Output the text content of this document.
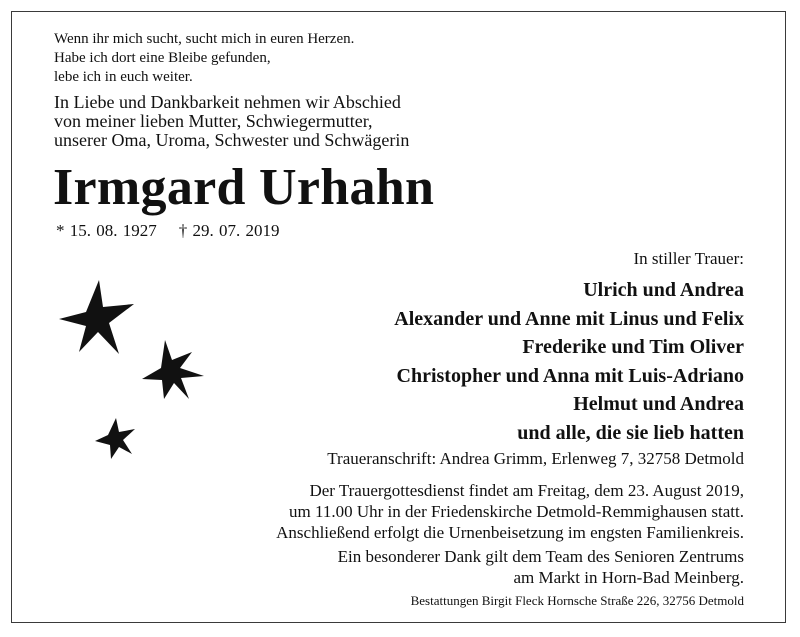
Wenn ihr mich sucht, sucht mich in euren Herzen.
Habe ich dort eine Bleibe gefunden,
lebe ich in euch weiter.
In Liebe und Dankbarkeit nehmen wir Abschied
von meiner lieben Mutter, Schwiegermutter,
unserer Oma, Uroma, Schwester und Schwägerin
Irmgard Urhahn
* 15. 08. 1927 † 29. 07. 2019
In stiller Trauer:
Ulrich und Andrea
Alexander und Anne mit Linus und Felix
Frederike und Tim Oliver
Christopher und Anna mit Luis-Adriano
Helmut und Andrea
und alle, die sie lieb hatten
Traueranschrift: Andrea Grimm, Erlenweg 7, 32758 Detmold
Der Trauergottesdienst findet am Freitag, dem 23. August 2019,
um 11.00 Uhr in der Friedenskirche Detmold-Remmighausen statt.
Anschließend erfolgt die Urnenbeisetzung im engsten Familienkreis.
Ein besonderer Dank gilt dem Team des Senioren Zentrums
am Markt in Horn-Bad Meinberg.
Bestattungen Birgit Fleck Hornsche Straße 226, 32756 Detmold
